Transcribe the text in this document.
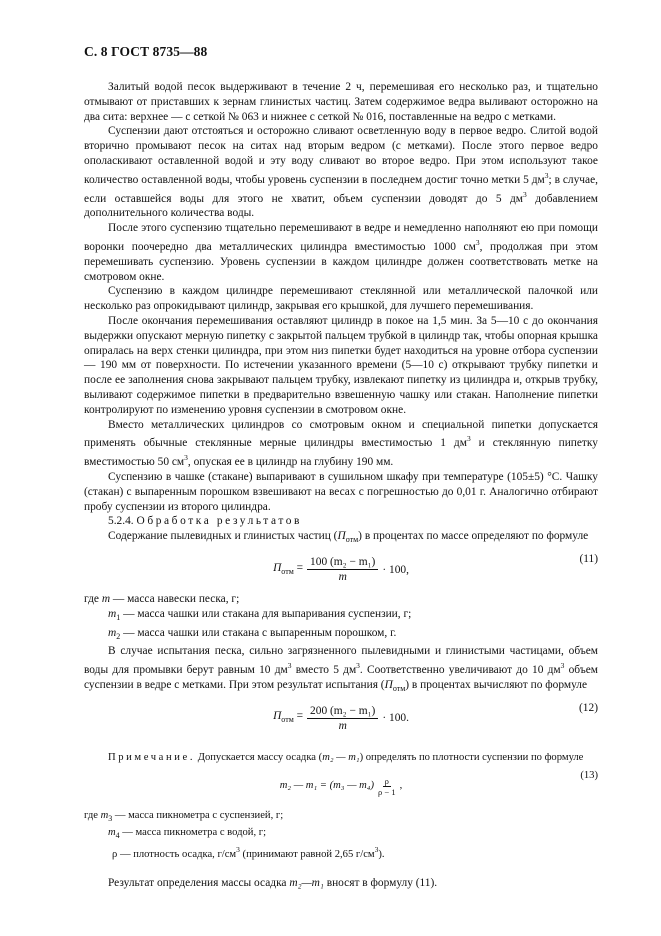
С. 8 ГОСТ 8735—88

Залитый водой песок выдерживают в течение 2 ч, перемешивая его несколько раз, и тщательно отмывают от приставших к зернам глинистых частиц. Затем содержимое ведра выливают осторожно на два сита: верхнее — с сеткой № 063 и нижнее с сеткой № 016, поставленные на ведро с метками.

Суспензии дают отстояться и осторожно сливают осветленную воду в первое ведро. Слитой водой вторично промывают песок на ситах над вторым ведром (с метками). После этого первое ведро ополаскивают оставленной водой и эту воду сливают во второе ведро. При этом используют такое количество оставленной воды, чтобы уровень суспензии в последнем достиг точно метки 5 $дм^3$; в случае, если оставшейся воды для этого не хватит, объем суспензии доводят до 5 $дм^3$ добавлением дополнительного количества воды.

После этого суспензию тщательно перемешивают в ведре и немедленно наполняют ею при помощи воронки поочередно два металлических цилиндра вместимостью 1000 $см^3$, продолжая при этом перемешивать суспензию. Уровень суспензии в каждом цилиндре должен соответствовать метке на смотровом окне.

Суспензию в каждом цилиндре перемешивают стеклянной или металлической палочкой или несколько раз опрокидывают цилиндр, закрывая его крышкой, для лучшего перемешивания.

После окончания перемешивания оставляют цилиндр в покое на 1,5 мин. За 5—10 с до окончания выдержки опускают мерную пипетку с закрытой пальцем трубкой в цилиндр так, чтобы опорная крышка опиралась на верх стенки цилиндра, при этом низ пипетки будет находиться на уровне отбора суспензии — 190 мм от поверхности. По истечении указанного времени (5—10 с) открывают трубку пипетки и после ее заполнения снова закрывают пальцем трубку, извлекают пипетку из цилиндра и, открыв трубку, выливают содержимое пипетки в предварительно взвешенную чашку или стакан. Наполнение пипетки контролируют по изменению уровня суспензии в смотровом окне.

Вместо металлических цилиндров со смотровым окном и специальной пипетки допускается применять обычные стеклянные мерные цилиндры вместимостью 1 $дм^3$ и стеклянную пипетку вместимостью 50 $см^3$, опуская ее в цилиндр на глубину 190 мм.

Суспензию в чашке (стакане) выпаривают в сушильном шкафу при температуре (105±5) °С. Чашку (стакан) с выпаренным порошком взвешивают на весах с погрешностью до 0,01 г. Аналогично отбирают пробу суспензии из второго цилиндра.

5.2.4. Обработка результатов

Содержание пылевидных и глинистых частиц $(П_{отм})$ в процентах по массе определяют по формуле

$П_{отм} = \frac{\text{100 (m₂ − m₁)}}{m} \cdot 100$,
(11)
где m — масса навески песка, г;
$m_1$ — масса чашки или стакана для выпаривания суспензии, г;
$m_2$ — масса чашки или стакана с выпаренным порошком, г.

В случае испытания песка, сильно загрязненного пылевидными и глинистыми частицами, объем воды для промывки берут равным 10 $дм^3$ вместо 5 $дм^3$. Соответственно увеличивают до 10 $дм^3$ объем суспензии в ведре с метками. При этом результат испытания $(П_{отм})$ в процентах вычисляют по формуле

$П_{отм} = \frac{\text{200 (m₂ − m₁)}}{m} \cdot 100$.
(12)

Примечание. Допускается массу осадка (m₂ — m₁) определять по плотности суспензии по формуле

m₂ — m₁ = (m₃ — $m_4) \frac{\rho}{\rho - 1}$ ,
(13)
где $m_3$ — масса пикнометра с суспензией, г;
$m_4$ — масса пикнометра с водой, г;
ρ — плотность осадка, $г/см^3$ (принимают равной 2,65 $г/см^3$).

Результат определения массы осадка m₂—m₁ вносят в формулу (11).
